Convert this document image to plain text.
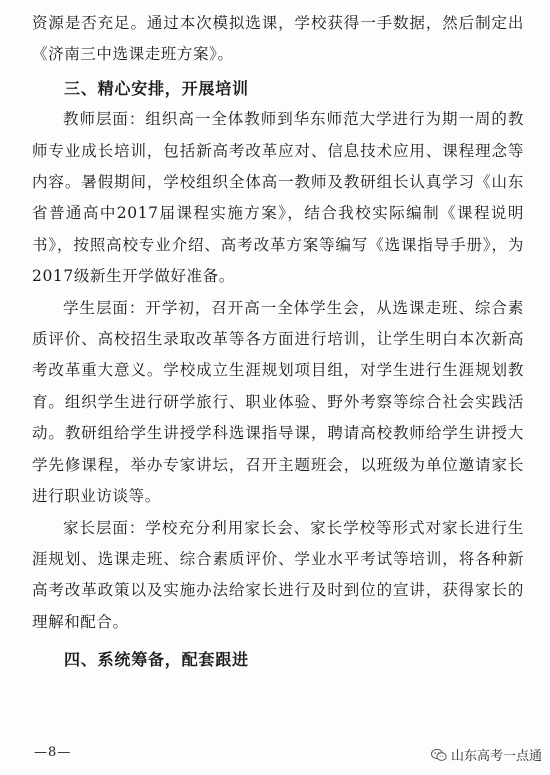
资源是否充足。通过本次模拟选课，学校获得一手数据，然后制定出《济南三中选课走班方案》。

三、精心安排，开展培训

教师层面：组织高一全体教师到华东师范大学进行为期一周的教师专业成长培训，包括新高考改革应对、信息技术应用、课程理念等内容。暑假期间，学校组织全体高一教师及教研组长认真学习《山东省普通高中2017届课程实施方案》，结合我校实际编制《课程说明书》，按照高校专业介绍、高考改革方案等编写《选课指导手册》，为2017级新生开学做好准备。

学生层面：开学初，召开高一全体学生会，从选课走班、综合素质评价、高校招生录取改革等各方面进行培训，让学生明白本次新高考改革重大意义。学校成立生涯规划项目组，对学生进行生涯规划教育。组织学生进行研学旅行、职业体验、野外考察等综合社会实践活动。教研组给学生讲授学科选课指导课，聘请高校教师给学生讲授大学先修课程，举办专家讲坛，召开主题班会，以班级为单位邀请家长进行职业访谈等。

家长层面：学校充分利用家长会、家长学校等形式对家长进行生涯规划、选课走班、综合素质评价、学业水平考试等培训，将各种新高考改革政策以及实施办法给家长进行及时到位的宣讲，获得家长的理解和配合。

四、系统筹备，配套跟进

—8—	山东高考一点通
